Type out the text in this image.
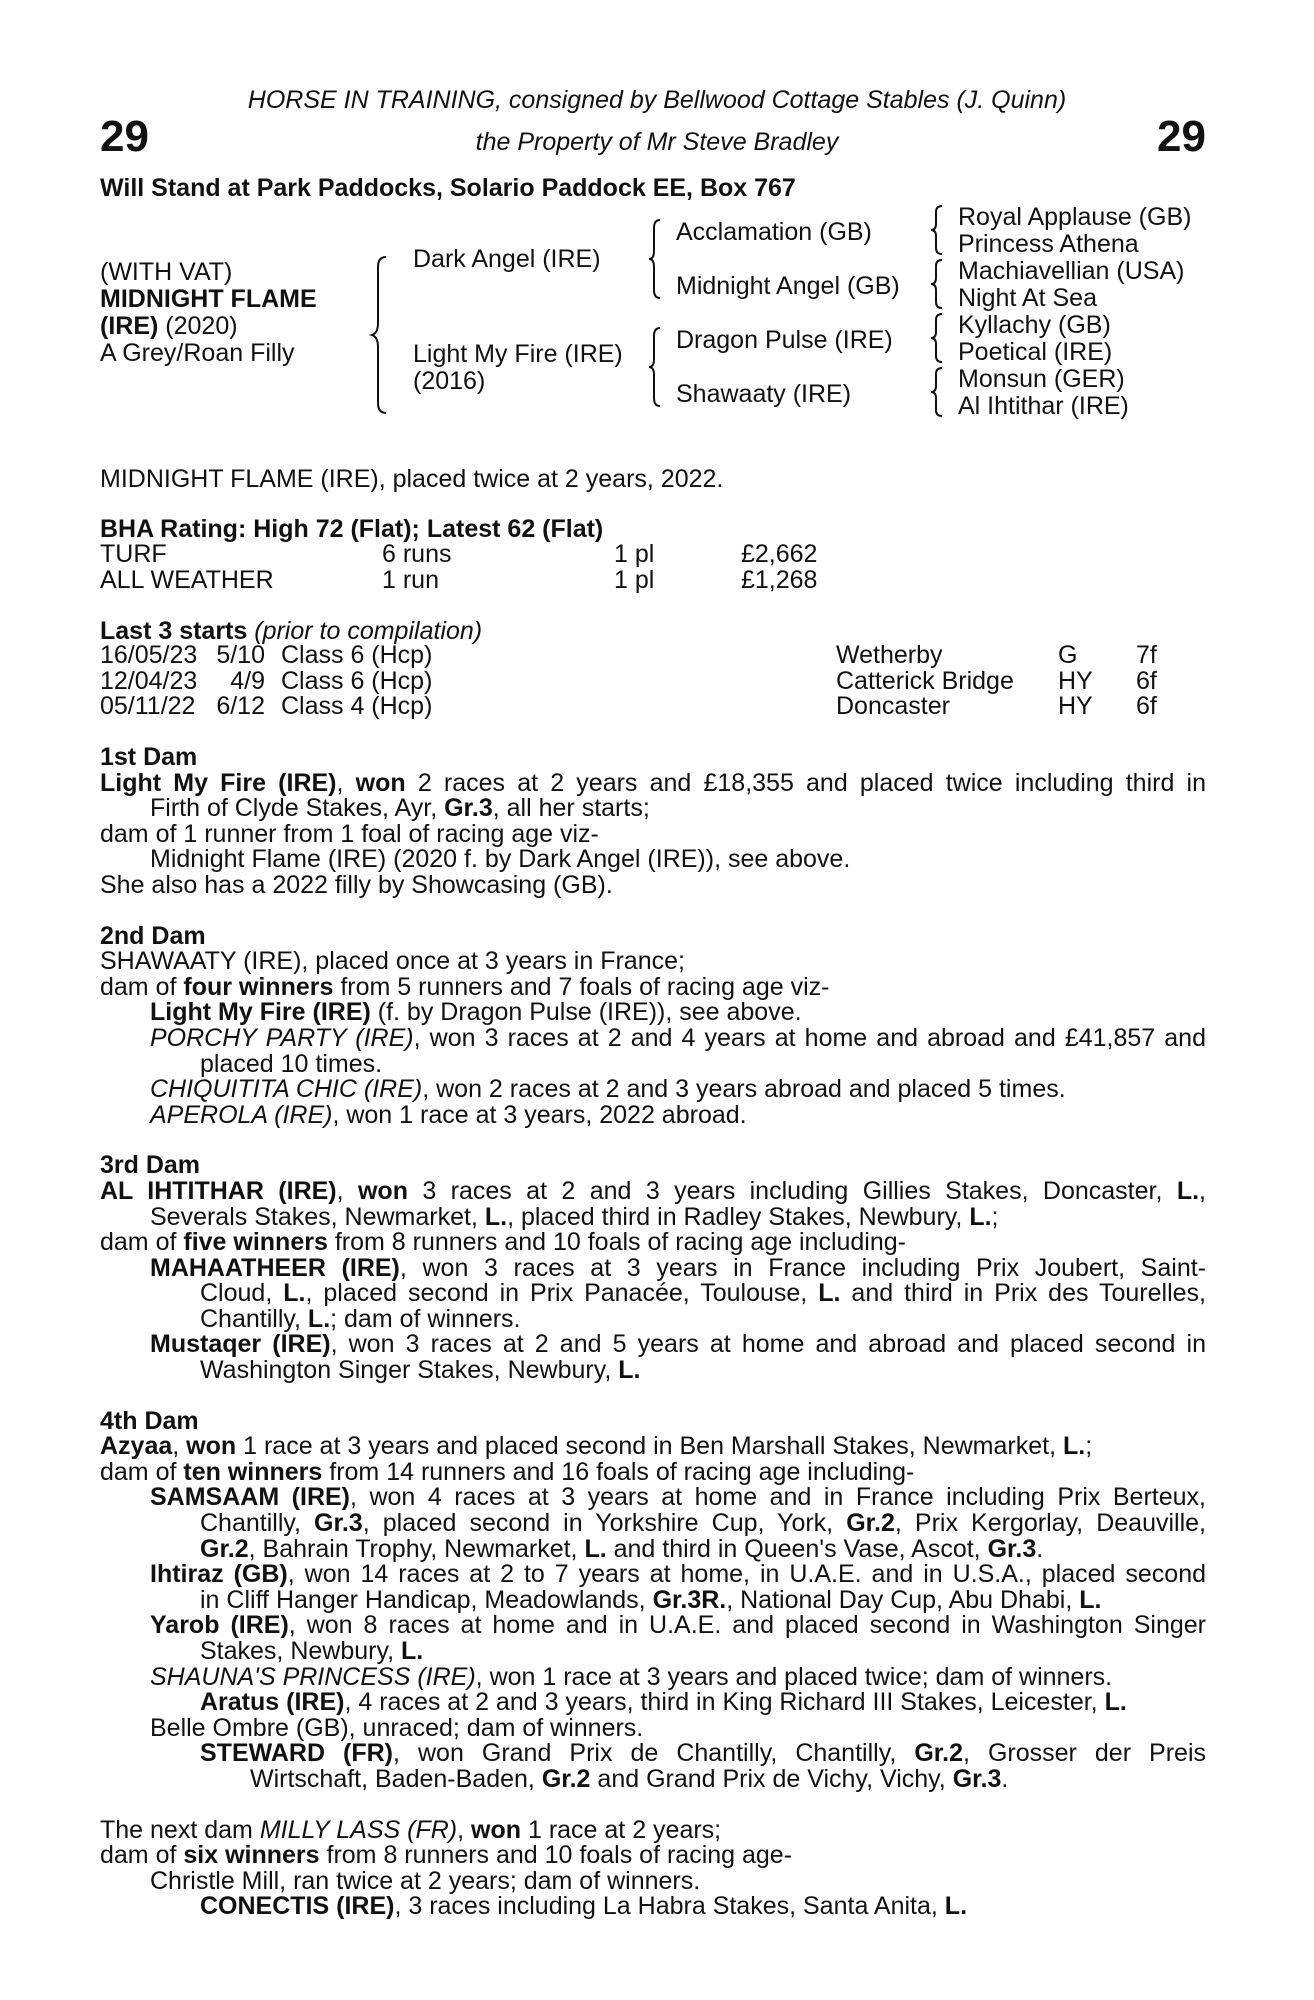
29	29
HORSE IN TRAINING, consigned by Bellwood Cottage Stables (J. Quinn)
the Property of Mr Steve Bradley
Will Stand at Park Paddocks, Solario Paddock EE, Box 767
(WITH VAT)
MIDNIGHT FLAME
(IRE) (2020)
A Grey/Roan Filly
Dark Angel (IRE)
Light My Fire (IRE)
(2016)
Acclamation (GB)
Midnight Angel (GB)
Dragon Pulse (IRE)
Shawaaty (IRE)
Royal Applause (GB)
Princess Athena
Machiavellian (USA)
Night At Sea
Kyllachy (GB)
Poetical (IRE)
Monsun (GER)
Al Ihtithar (IRE)
MIDNIGHT FLAME (IRE), placed twice at 2 years, 2022.
BHA Rating: High 72 (Flat); Latest 62 (Flat)
TURF	6 runs	1 pl	£2,662
ALL WEATHER	1 run	1 pl	£1,268
Last 3 starts (prior to compilation)
16/05/23 5/10 Class 6 (Hcp)	Wetherby	G 7f
12/04/23 4/9 Class 6 (Hcp)	Catterick Bridge HY 6f
05/11/22 6/12 Class 4 (Hcp)	Doncaster	HY 6f

1st Dam

Light My Fire (IRE), won 2 races at 2 years and £18,355 and placed twice including third in
Firth of Clyde Stakes, Ayr, Gr.3, all her starts;

dam of 1 runner from 1 foal of racing age viz-

Midnight Flame (IRE) (2020 f. by Dark Angel (IRE)), see above.

She also has a 2022 filly by Showcasing (GB).

2nd Dam

SHAWAATY (IRE), placed once at 3 years in France;

dam of four winners from 5 runners and 7 foals of racing age viz-

Light My Fire (IRE) (f. by Dragon Pulse (IRE)), see above.

PORCHY PARTY (IRE), won 3 races at 2 and 4 years at home and abroad and £41,857 and
placed 10 times.

CHIQUITITA CHIC (IRE), won 2 races at 2 and 3 years abroad and placed 5 times.

APEROLA (IRE), won 1 race at 3 years, 2022 abroad.

3rd Dam

AL IHTITHAR (IRE), won 3 races at 2 and 3 years including Gillies Stakes, Doncaster, L.,
Severals Stakes, Newmarket, L., placed third in Radley Stakes, Newbury, L.;

dam of five winners from 8 runners and 10 foals of racing age including-

MAHAATHEER (IRE), won 3 races at 3 years in France including Prix Joubert, Saint-
Cloud, L., placed second in Prix Panacée, Toulouse, L. and third in Prix des Tourelles,
Chantilly, L.; dam of winners.

Mustaqer (IRE), won 3 races at 2 and 5 years at home and abroad and placed second in
Washington Singer Stakes, Newbury, L.

4th Dam

Azyaa, won 1 race at 3 years and placed second in Ben Marshall Stakes, Newmarket, L.;

dam of ten winners from 14 runners and 16 foals of racing age including-

SAMSAAM (IRE), won 4 races at 3 years at home and in France including Prix Berteux,
Chantilly, Gr.3, placed second in Yorkshire Cup, York, Gr.2, Prix Kergorlay, Deauville,
Gr.2, Bahrain Trophy, Newmarket, L. and third in Queen's Vase, Ascot, Gr.3.

Ihtiraz (GB), won 14 races at 2 to 7 years at home, in U.A.E. and in U.S.A., placed second
in Cliff Hanger Handicap, Meadowlands, Gr.3R., National Day Cup, Abu Dhabi, L.

Yarob (IRE), won 8 races at home and in U.A.E. and placed second in Washington Singer
Stakes, Newbury, L.

SHAUNA'S PRINCESS (IRE), won 1 race at 3 years and placed twice; dam of winners.

Aratus (IRE), 4 races at 2 and 3 years, third in King Richard III Stakes, Leicester, L.

Belle Ombre (GB), unraced; dam of winners.

STEWARD (FR), won Grand Prix de Chantilly, Chantilly, Gr.2, Grosser der Preis
Wirtschaft, Baden-Baden, Gr.2 and Grand Prix de Vichy, Vichy, Gr.3.

The next dam MILLY LASS (FR), won 1 race at 2 years;

dam of six winners from 8 runners and 10 foals of racing age-

Christle Mill, ran twice at 2 years; dam of winners.

CONECTIS (IRE), 3 races including La Habra Stakes, Santa Anita, L.
